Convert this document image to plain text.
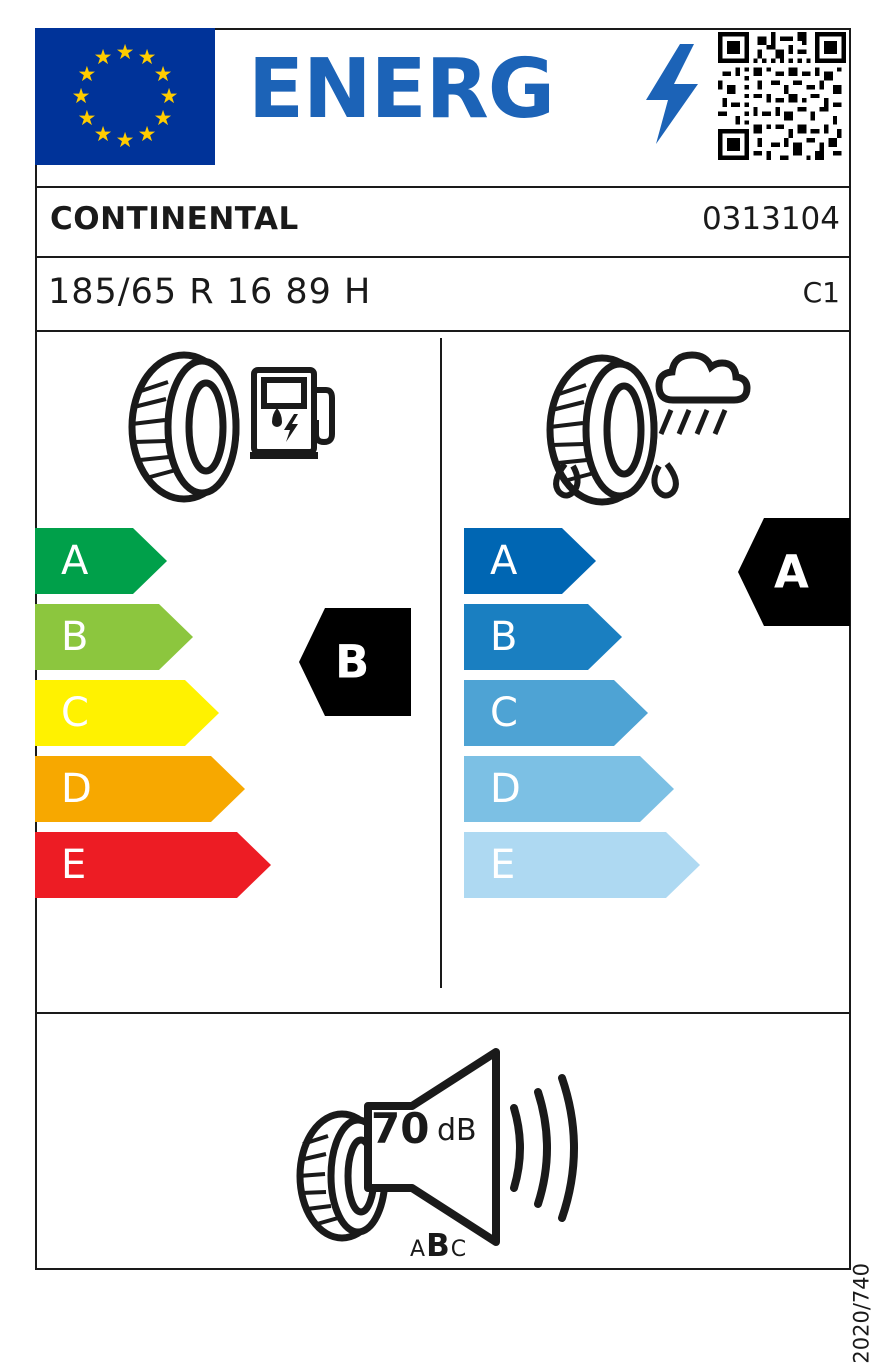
★ ★
★
★
★
★
★
★
★
★
★
★ ENERG
CONTINENTAL	0313104
185/65 R 16 89 H	C1
A
B
C
D
E
A
B
C
D
E
B
A
70 dB
ABC
2020/740
